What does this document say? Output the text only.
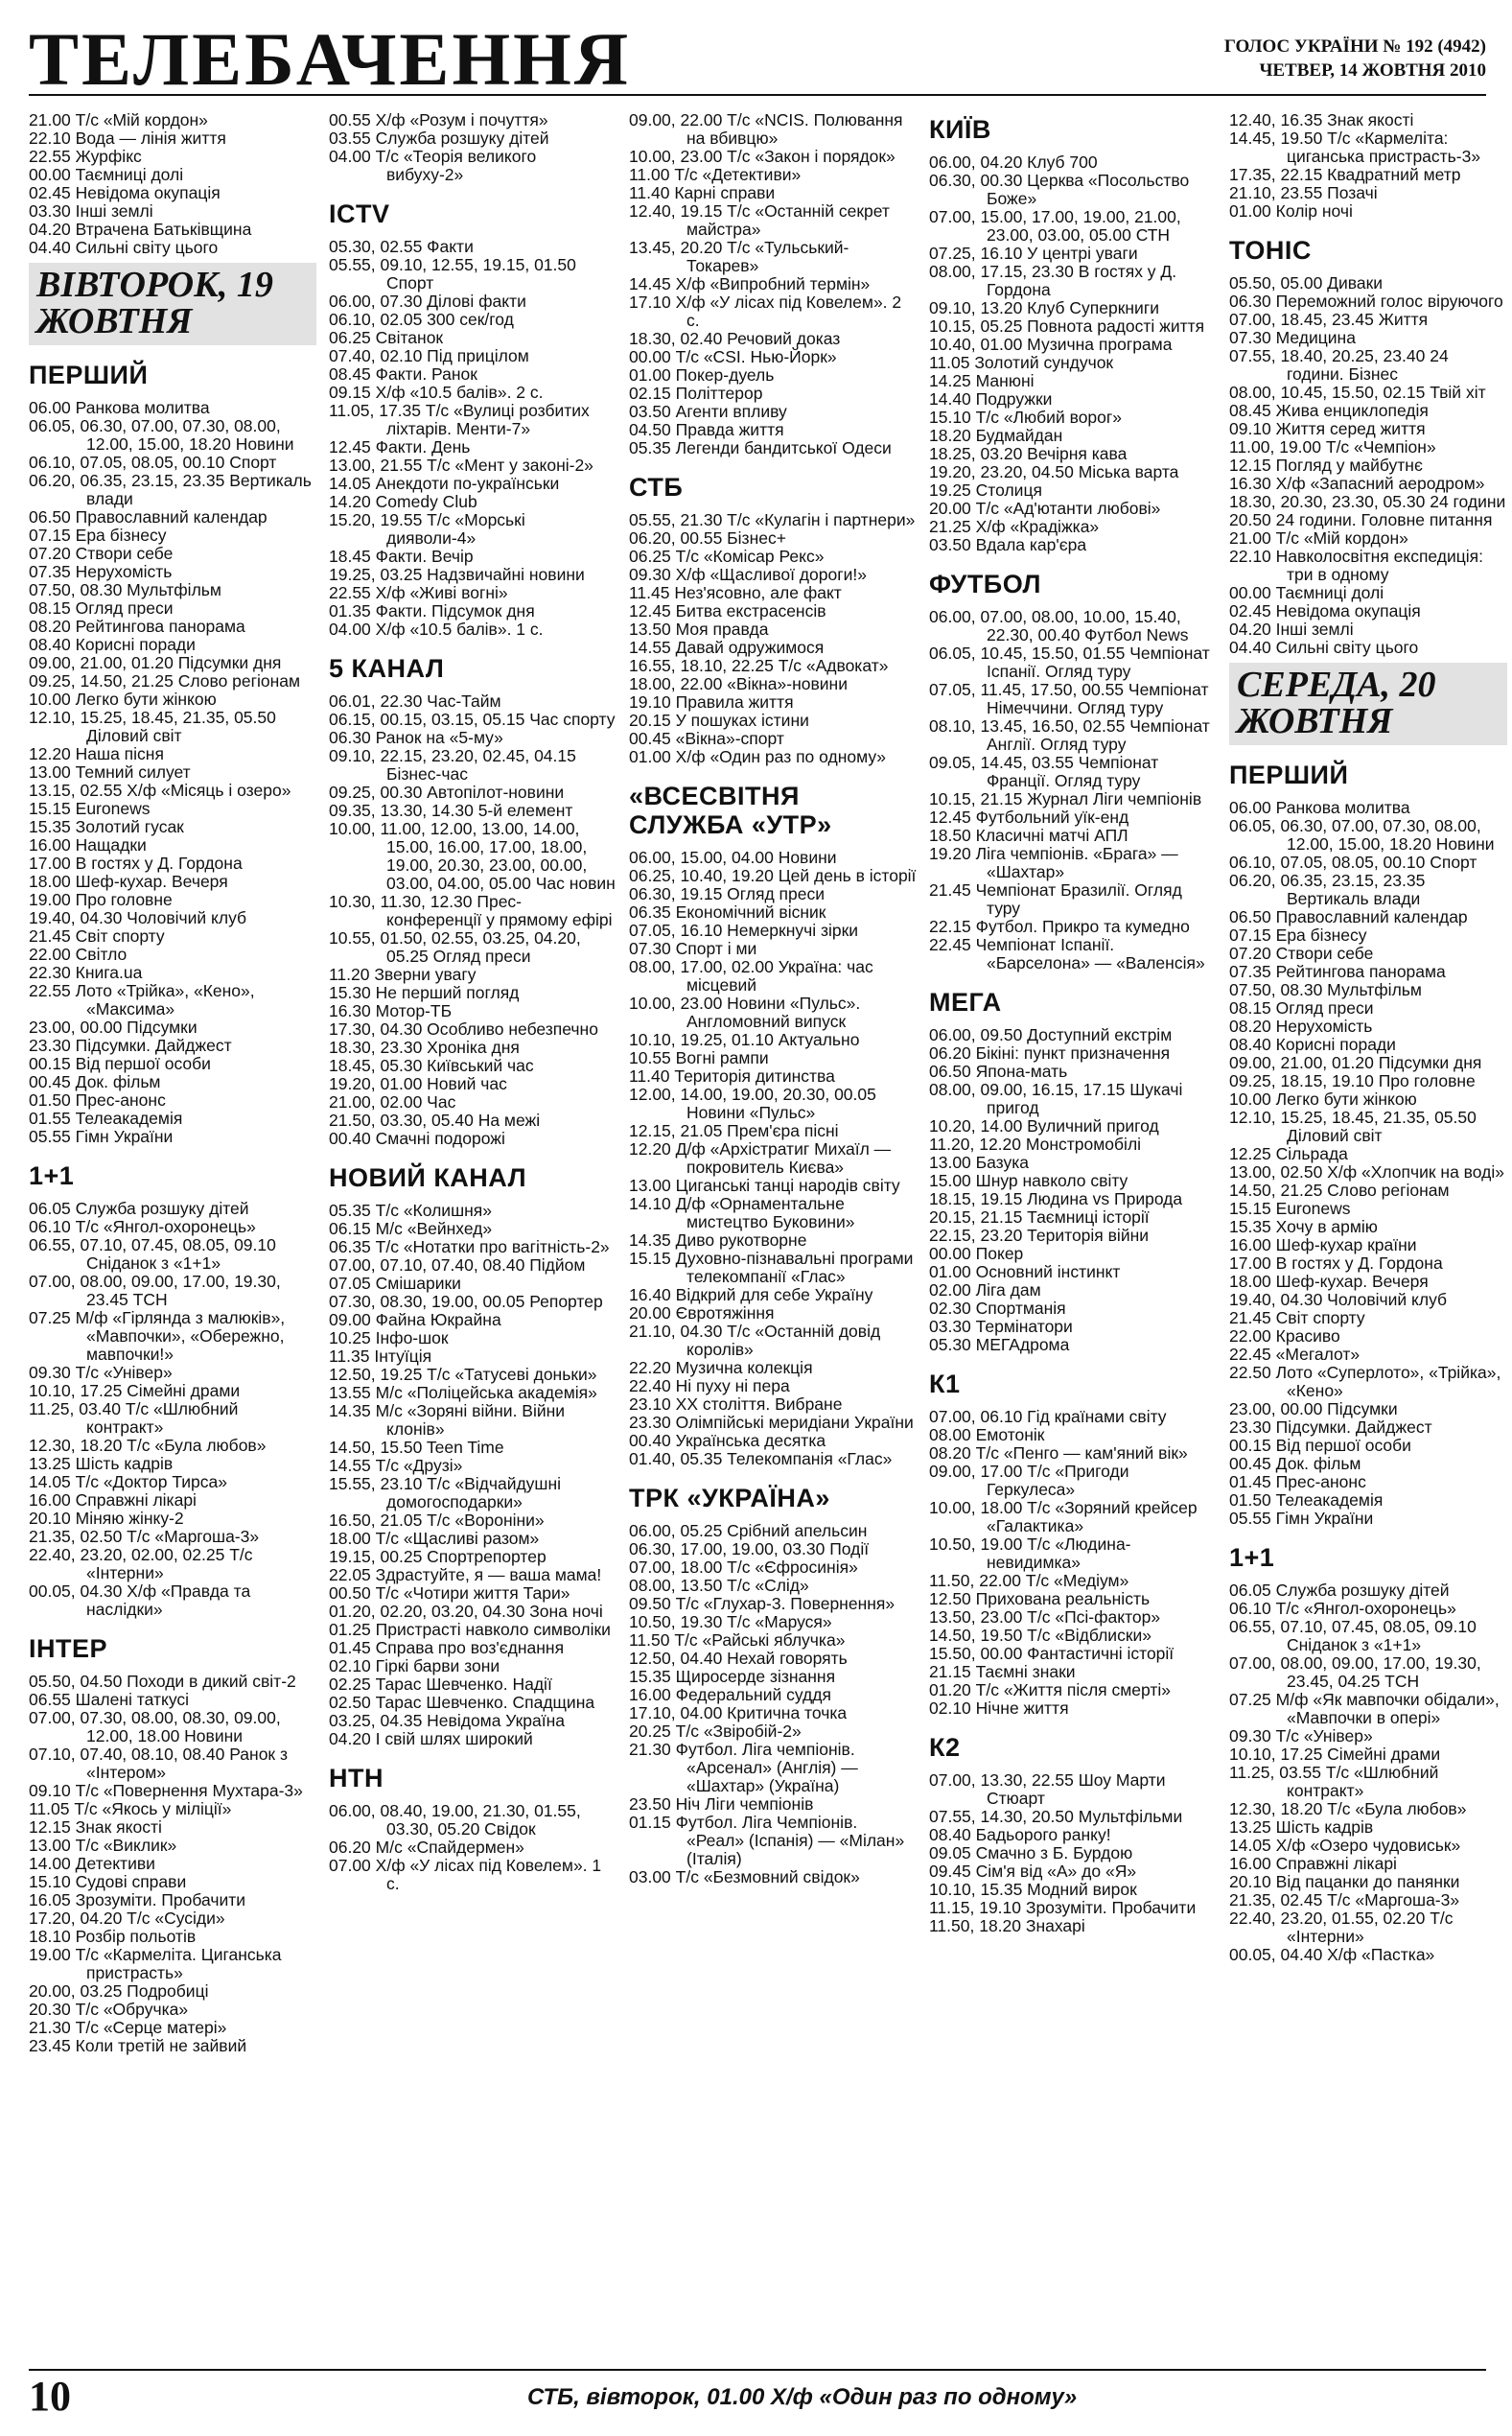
ТЕЛЕБАЧЕННЯ	ГОЛОС УКРАЇНИ № 192 (4942)
ЧЕТВЕР, 14 ЖОВТНЯ 2010
21.00 Т/с «Мій кордон»
22.10 Вода — лінія життя
22.55 Журфікс
00.00 Таємниці долі
02.45 Невідома окупація
03.30 Інші землі
04.20 Втрачена Батьківщина
04.40 Сильні світу цього
ВІВТОРОК, 19 ЖОВТНЯ
ПЕРШИЙ
06.00 Ранкова молитва
06.05, 06.30, 07.00, 07.30, 08.00, 12.00, 15.00, 18.20 Новини
06.10, 07.05, 08.05, 00.10 Спорт
06.20, 06.35, 23.15, 23.35 Вертикаль влади
06.50 Православний календар
07.15 Ера бізнесу
07.20 Створи себе
07.35 Нерухомість
07.50, 08.30 Мультфільм
08.15 Огляд преси
08.20 Рейтингова панорама
08.40 Корисні поради
09.00, 21.00, 01.20 Підсумки дня
09.25, 14.50, 21.25 Слово регіонам
10.00 Легко бути жінкою
12.10, 15.25, 18.45, 21.35, 05.50 Діловий світ
12.20 Наша пісня
13.00 Темний силует
13.15, 02.55 Х/ф «Місяць і озеро»
15.15 Euronews
15.35 Золотий гусак
16.00 Нащадки
17.00 В гостях у Д. Гордона
18.00 Шеф-кухар. Вечеря
19.00 Про головне
19.40, 04.30 Чоловічий клуб
21.45 Світ спорту
22.00 Світло
22.30 Книга.ua
22.55 Лото «Трійка», «Кено», «Максима»
23.00, 00.00 Підсумки
23.30 Підсумки. Дайджест
00.15 Від першої особи
00.45 Док. фільм
01.50 Прес-анонс
01.55 Телеакадемія
05.55 Гімн України
1+1
06.05 Служба розшуку дітей
06.10 Т/с «Янгол-охоронець»
06.55, 07.10, 07.45, 08.05, 09.10 Сніданок з «1+1»
07.00, 08.00, 09.00, 17.00, 19.30, 23.45 ТСН
07.25 М/ф «Гірлянда з малюків», «Мавпочки», «Обережно, мавпочки!»
09.30 Т/с «Універ»
10.10, 17.25 Сімейні драми
11.25, 03.40 Т/с «Шлюбний контракт»
12.30, 18.20 Т/с «Була любов»
13.25 Шість кадрів
14.05 Т/с «Доктор Тирса»
16.00 Справжні лікарі
20.10 Міняю жінку-2
21.35, 02.50 Т/с «Маргоша-3»
22.40, 23.20, 02.00, 02.25 Т/с «Інтерни»
00.05, 04.30 Х/ф «Правда та наслідки»
ІНТЕР
05.50, 04.50 Походи в дикий світ-2
06.55 Шалені таткусі
07.00, 07.30, 08.00, 08.30, 09.00, 12.00, 18.00 Новини
07.10, 07.40, 08.10, 08.40 Ранок з «Інтером»
09.10 Т/с «Повернення Мухтара-3»
11.05 Т/с «Якось у міліції»
12.15 Знак якості
13.00 Т/с «Виклик»
14.00 Детективи
15.10 Судові справи
16.05 Зрозуміти. Пробачити
17.20, 04.20 Т/с «Сусіди»
18.10 Розбір польотів
19.00 Т/с «Кармеліта. Циганська пристрасть»
20.00, 03.25 Подробиці
20.30 Т/с «Обручка»
21.30 Т/с «Серце матері»
23.45 Коли третій не зайвий
00.55 Х/ф «Розум і почуття»
03.55 Служба розшуку дітей
04.00 Т/с «Теорія великого вибуху-2»
ICTV
05.30, 02.55 Факти
05.55, 09.10, 12.55, 19.15, 01.50 Спорт
06.00, 07.30 Ділові факти
06.10, 02.05 300 сек/год
06.25 Світанок
07.40, 02.10 Під прицілом
08.45 Факти. Ранок
09.15 Х/ф «10.5 балів». 2 с.
11.05, 17.35 Т/с «Вулиці розбитих ліхтарів. Менти-7»
12.45 Факти. День
13.00, 21.55 Т/с «Мент у законі-2»
14.05 Анекдоти по-українськи
14.20 Comedy Club
15.20, 19.55 Т/с «Морські дияволи-4»
18.45 Факти. Вечір
19.25, 03.25 Надзвичайні новини
22.55 Х/ф «Живі вогні»
01.35 Факти. Підсумок дня
04.00 Х/ф «10.5 балів». 1 с.
5 КАНАЛ
06.01, 22.30 Час-Тайм
06.15, 00.15, 03.15, 05.15 Час спорту
06.30 Ранок на «5-му»
09.10, 22.15, 23.20, 02.45, 04.15 Бізнес-час
09.25, 00.30 Автопілот-новини
09.35, 13.30, 14.30 5-й елемент
10.00, 11.00, 12.00, 13.00, 14.00, 15.00, 16.00, 17.00, 18.00, 19.00, 20.30, 23.00, 00.00, 03.00, 04.00, 05.00 Час новин
10.30, 11.30, 12.30 Прес-конференції у прямому ефірі
10.55, 01.50, 02.55, 03.25, 04.20, 05.25 Огляд преси
11.20 Зверни увагу
15.30 Не перший погляд
16.30 Мотор-ТБ
17.30, 04.30 Особливо небезпечно
18.30, 23.30 Хроніка дня
18.45, 05.30 Київський час
19.20, 01.00 Новий час
21.00, 02.00 Час
21.50, 03.30, 05.40 На межі
00.40 Смачні подорожі
НОВИЙ КАНАЛ
05.35 Т/с «Колишня»
06.15 М/с «Вейнхед»
06.35 Т/с «Нотатки про вагітність-2»
07.00, 07.10, 07.40, 08.40 Підйом
07.05 Смішарики
07.30, 08.30, 19.00, 00.05 Репортер
09.00 Файна Юкрайна
10.25 Інфо-шок
11.35 Інтуїція
12.50, 19.25 Т/с «Татусеві доньки»
13.55 М/с «Поліцейська академія»
14.35 М/с «Зоряні війни. Війни клонів»
14.50, 15.50 Teen Time
14.55 Т/с «Друзі»
15.55, 23.10 Т/с «Відчайдушні домогосподарки»
16.50, 21.05 Т/с «Вороніни»
18.00 Т/с «Щасливі разом»
19.15, 00.25 Спортрепортер
22.05 Здрастуйте, я — ваша мама!
00.50 Т/с «Чотири життя Тари»
01.20, 02.20, 03.20, 04.30 Зона ночі
01.25 Пристрасті навколо символіки
01.45 Справа про воз'єднання
02.10 Гіркі барви зони
02.25 Тарас Шевченко. Надії
02.50 Тарас Шевченко. Спадщина
03.25, 04.35 Невідома Україна
04.20 І свій шлях широкий
НТН
06.00, 08.40, 19.00, 21.30, 01.55, 03.30, 05.20 Свідок
06.20 М/с «Спайдермен»
07.00 Х/ф «У лісах під Ковелем». 1 с.
09.00, 22.00 Т/с «NCIS. Полювання на вбивцю»
10.00, 23.00 Т/с «Закон і порядок»
11.00 Т/с «Детективи»
11.40 Карні справи
12.40, 19.15 Т/с «Останній секрет майстра»
13.45, 20.20 Т/с «Тульський-Токарев»
14.45 Х/ф «Випробний термін»
17.10 Х/ф «У лісах під Ковелем». 2 с.
18.30, 02.40 Речовий доказ
00.00 Т/с «CSI. Нью-Йорк»
01.00 Покер-дуель
02.15 Політтерор
03.50 Агенти впливу
04.50 Правда життя
05.35 Легенди бандитської Одеси
СТБ
05.55, 21.30 Т/с «Кулагін і партнери»
06.20, 00.55 Бізнес+
06.25 Т/с «Комісар Рекс»
09.30 Х/ф «Щасливої дороги!»
11.45 Нез'ясовно, але факт
12.45 Битва екстрасенсів
13.50 Моя правда
14.55 Давай одружимося
16.55, 18.10, 22.25 Т/с «Адвокат»
18.00, 22.00 «Вікна»-новини
19.10 Правила життя
20.15 У пошуках істини
00.45 «Вікна»-спорт
01.00 Х/ф «Один раз по одному»
«ВСЕСВІТНЯ СЛУЖБА «УТР»
06.00, 15.00, 04.00 Новини
06.25, 10.40, 19.20 Цей день в історії
06.30, 19.15 Огляд преси
06.35 Економічний вісник
07.05, 16.10 Немеркнучі зірки
07.30 Спорт і ми
08.00, 17.00, 02.00 Україна: час місцевий
10.00, 23.00 Новини «Пульс». Англомовний випуск
10.10, 19.25, 01.10 Актуально
10.55 Вогні рампи
11.40 Територія дитинства
12.00, 14.00, 19.00, 20.30, 00.05 Новини «Пульс»
12.15, 21.05 Прем'єра пісні
12.20 Д/ф «Архістратиг Михаїл — покровитель Києва»
13.00 Циганські танці народів світу
14.10 Д/ф «Орнаментальне мистецтво Буковини»
14.35 Диво рукотворне
15.15 Духовно-пізнавальні програми телекомпанії «Глас»
16.40 Відкрий для себе Україну
20.00 Євротяжіння
21.10, 04.30 Т/с «Останній довід королів»
22.20 Музична колекція
22.40 Ні пуху ні пера
23.10 XX століття. Вибране
23.30 Олімпійські меридіани України
00.40 Українська десятка
01.40, 05.35 Телекомпанія «Глас»
ТРК «УКРАЇНА»
06.00, 05.25 Срібний апельсин
06.30, 17.00, 19.00, 03.30 Події
07.00, 18.00 Т/с «Єфросинія»
08.00, 13.50 Т/с «Слід»
09.50 Т/с «Глухар-3. Повернення»
10.50, 19.30 Т/с «Маруся»
11.50 Т/с «Райські яблучка»
12.50, 04.40 Нехай говорять
15.35 Щиросерде зізнання
16.00 Федеральний суддя
17.10, 04.00 Критична точка
20.25 Т/с «Звіробій-2»
21.30 Футбол. Ліга чемпіонів. «Арсенал» (Англія) — «Шахтар» (Україна)
23.50 Ніч Ліги чемпіонів
01.15 Футбол. Ліга Чемпіонів. «Реал» (Іспанія) — «Мілан» (Італія)
03.00 Т/с «Безмовний свідок»
КИЇВ
06.00, 04.20 Клуб 700
06.30, 00.30 Церква «Посольство Боже»
07.00, 15.00, 17.00, 19.00, 21.00, 23.00, 03.00, 05.00 СТН
07.25, 16.10 У центрі уваги
08.00, 17.15, 23.30 В гостях у Д. Гордона
09.10, 13.20 Клуб Суперкниги
10.15, 05.25 Повнота радості життя
10.40, 01.00 Музична програма
11.05 Золотий сундучок
14.25 Манюні
14.40 Подружки
15.10 Т/с «Любий ворог»
18.20 Будмайдан
18.25, 03.20 Вечірня кава
19.20, 23.20, 04.50 Міська варта
19.25 Столиця
20.00 Т/с «Ад'ютанти любові»
21.25 Х/ф «Крадіжка»
03.50 Вдала кар'єра
ФУТБОЛ
06.00, 07.00, 08.00, 10.00, 15.40, 22.30, 00.40 Футбол News
06.05, 10.45, 15.50, 01.55 Чемпіонат Іспанії. Огляд туру
07.05, 11.45, 17.50, 00.55 Чемпіонат Німеччини. Огляд туру
08.10, 13.45, 16.50, 02.55 Чемпіонат Англії. Огляд туру
09.05, 14.45, 03.55 Чемпіонат Франції. Огляд туру
10.15, 21.15 Журнал Ліги чемпіонів
12.45 Футбольний уїк-енд
18.50 Класичні матчі АПЛ
19.20 Ліга чемпіонів. «Брага» — «Шахтар»
21.45 Чемпіонат Бразилії. Огляд туру
22.15 Футбол. Прикро та кумедно
22.45 Чемпіонат Іспанії. «Барселона» — «Валенсія»
МЕГА
06.00, 09.50 Доступний екстрім
06.20 Бікіні: пункт призначення
06.50 Япона-мать
08.00, 09.00, 16.15, 17.15 Шукачі пригод
10.20, 14.00 Вуличний пригод
11.20, 12.20 Монстромобілі
13.00 Базука
15.00 Шнур навколо світу
18.15, 19.15 Людина vs Природа
20.15, 21.15 Таємниці історії
22.15, 23.20 Територія війни
00.00 Покер
01.00 Основний інстинкт
02.00 Ліга дам
02.30 Спортманія
03.30 Термінатори
05.30 МЕГАдрома
К1
07.00, 06.10 Гід країнами світу
08.00 Емотонік
08.20 Т/с «Пенго — кам'яний вік»
09.00, 17.00 Т/с «Пригоди Геркулеса»
10.00, 18.00 Т/с «Зоряний крейсер «Галактика»
10.50, 19.00 Т/с «Людина-невидимка»
11.50, 22.00 Т/с «Медіум»
12.50 Прихована реальність
13.50, 23.00 Т/с «Псі-фактор»
14.50, 19.50 Т/с «Відблиски»
15.50, 00.00 Фантастичні історії
21.15 Таємні знаки
01.20 Т/с «Життя після смерті»
02.10 Нічне життя
К2
07.00, 13.30, 22.55 Шоу Марти Стюарт
07.55, 14.30, 20.50 Мультфільми
08.40 Бадьорого ранку!
09.05 Смачно з Б. Бурдою
09.45 Сім'я від «А» до «Я»
10.10, 15.35 Модний вирок
11.15, 19.10 Зрозуміти. Пробачити
11.50, 18.20 Знахарі
12.40, 16.35 Знак якості
14.45, 19.50 Т/с «Кармеліта: циганська пристрасть-3»
17.35, 22.15 Квадратний метр
21.10, 23.55 Позачі
01.00 Колір ночі
ТОНІС
05.50, 05.00 Диваки
06.30 Переможний голос віруючого
07.00, 18.45, 23.45 Життя
07.30 Медицина
07.55, 18.40, 20.25, 23.40 24 години. Бізнес
08.00, 10.45, 15.50, 02.15 Твій хіт
08.45 Жива енциклопедія
09.10 Життя серед життя
11.00, 19.00 Т/с «Чемпіон»
12.15 Погляд у майбутнє
16.30 Х/ф «Запасний аеродром»
18.30, 20.30, 23.30, 05.30 24 години
20.50 24 години. Головне питання
21.00 Т/с «Мій кордон»
22.10 Навколосвітня експедиція: три в одному
00.00 Таємниці долі
02.45 Невідома окупація
04.20 Інші землі
04.40 Сильні світу цього
СЕРЕДА, 20 ЖОВТНЯ
ПЕРШИЙ
06.00 Ранкова молитва
06.05, 06.30, 07.00, 07.30, 08.00, 12.00, 15.00, 18.20 Новини
06.10, 07.05, 08.05, 00.10 Спорт
06.20, 06.35, 23.15, 23.35 Вертикаль влади
06.50 Православний календар
07.15 Ера бізнесу
07.20 Створи себе
07.35 Рейтингова панорама
07.50, 08.30 Мультфільм
08.15 Огляд преси
08.20 Нерухомість
08.40 Корисні поради
09.00, 21.00, 01.20 Підсумки дня
09.25, 18.15, 19.10 Про головне
10.00 Легко бути жінкою
12.10, 15.25, 18.45, 21.35, 05.50 Діловий світ
12.25 Сільрада
13.00, 02.50 Х/ф «Хлопчик на воді»
14.50, 21.25 Слово регіонам
15.15 Euronews
15.35 Хочу в армію
16.00 Шеф-кухар країни
17.00 В гостях у Д. Гордона
18.00 Шеф-кухар. Вечеря
19.40, 04.30 Чоловічий клуб
21.45 Світ спорту
22.00 Красиво
22.45 «Мегалот»
22.50 Лото «Суперлото», «Трійка», «Кено»
23.00, 00.00 Підсумки
23.30 Підсумки. Дайджест
00.15 Від першої особи
00.45 Док. фільм
01.45 Прес-анонс
01.50 Телеакадемія
05.55 Гімн України
1+1
06.05 Служба розшуку дітей
06.10 Т/с «Янгол-охоронець»
06.55, 07.10, 07.45, 08.05, 09.10 Сніданок з «1+1»
07.00, 08.00, 09.00, 17.00, 19.30, 23.45, 04.25 ТСН
07.25 М/ф «Як мавпочки обідали», «Мавпочки в опері»
09.30 Т/с «Універ»
10.10, 17.25 Сімейні драми
11.25, 03.55 Т/с «Шлюбний контракт»
12.30, 18.20 Т/с «Була любов»
13.25 Шість кадрів
14.05 Х/ф «Озеро чудовиськ»
16.00 Справжні лікарі
20.10 Від пацанки до панянки
21.35, 02.45 Т/с «Маргоша-3»
22.40, 23.20, 01.55, 02.20 Т/с «Інтерни»
00.05, 04.40 Х/ф «Пастка»
10	СТБ, вівторок, 01.00 Х/ф «Один раз по одному»
